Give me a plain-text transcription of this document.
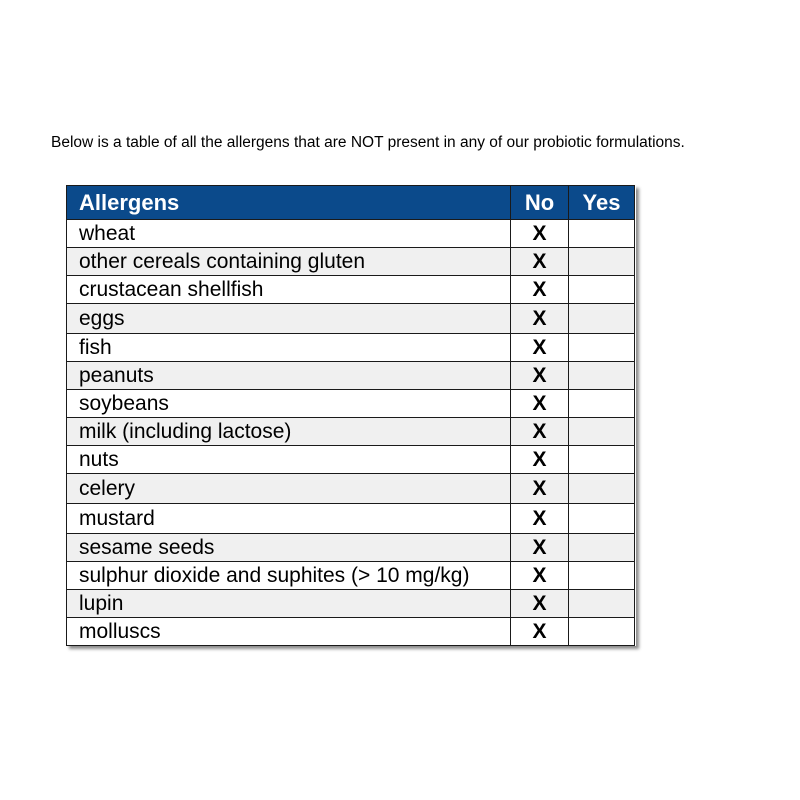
Below is a table of all the allergens that are NOT present in any of our probiotic formulations.
Allergens	No	Yes
wheat	X	
other cereals containing gluten	X	
crustacean shellfish	X	
eggs	X	
fish	X	
peanuts	X	
soybeans	X	
milk (including lactose)	X	
nuts	X	
celery	X	
mustard	X	
sesame seeds	X	
sulphur dioxide and suphites (> 10 mg/kg)	X	
lupin	X	
molluscs	X	
